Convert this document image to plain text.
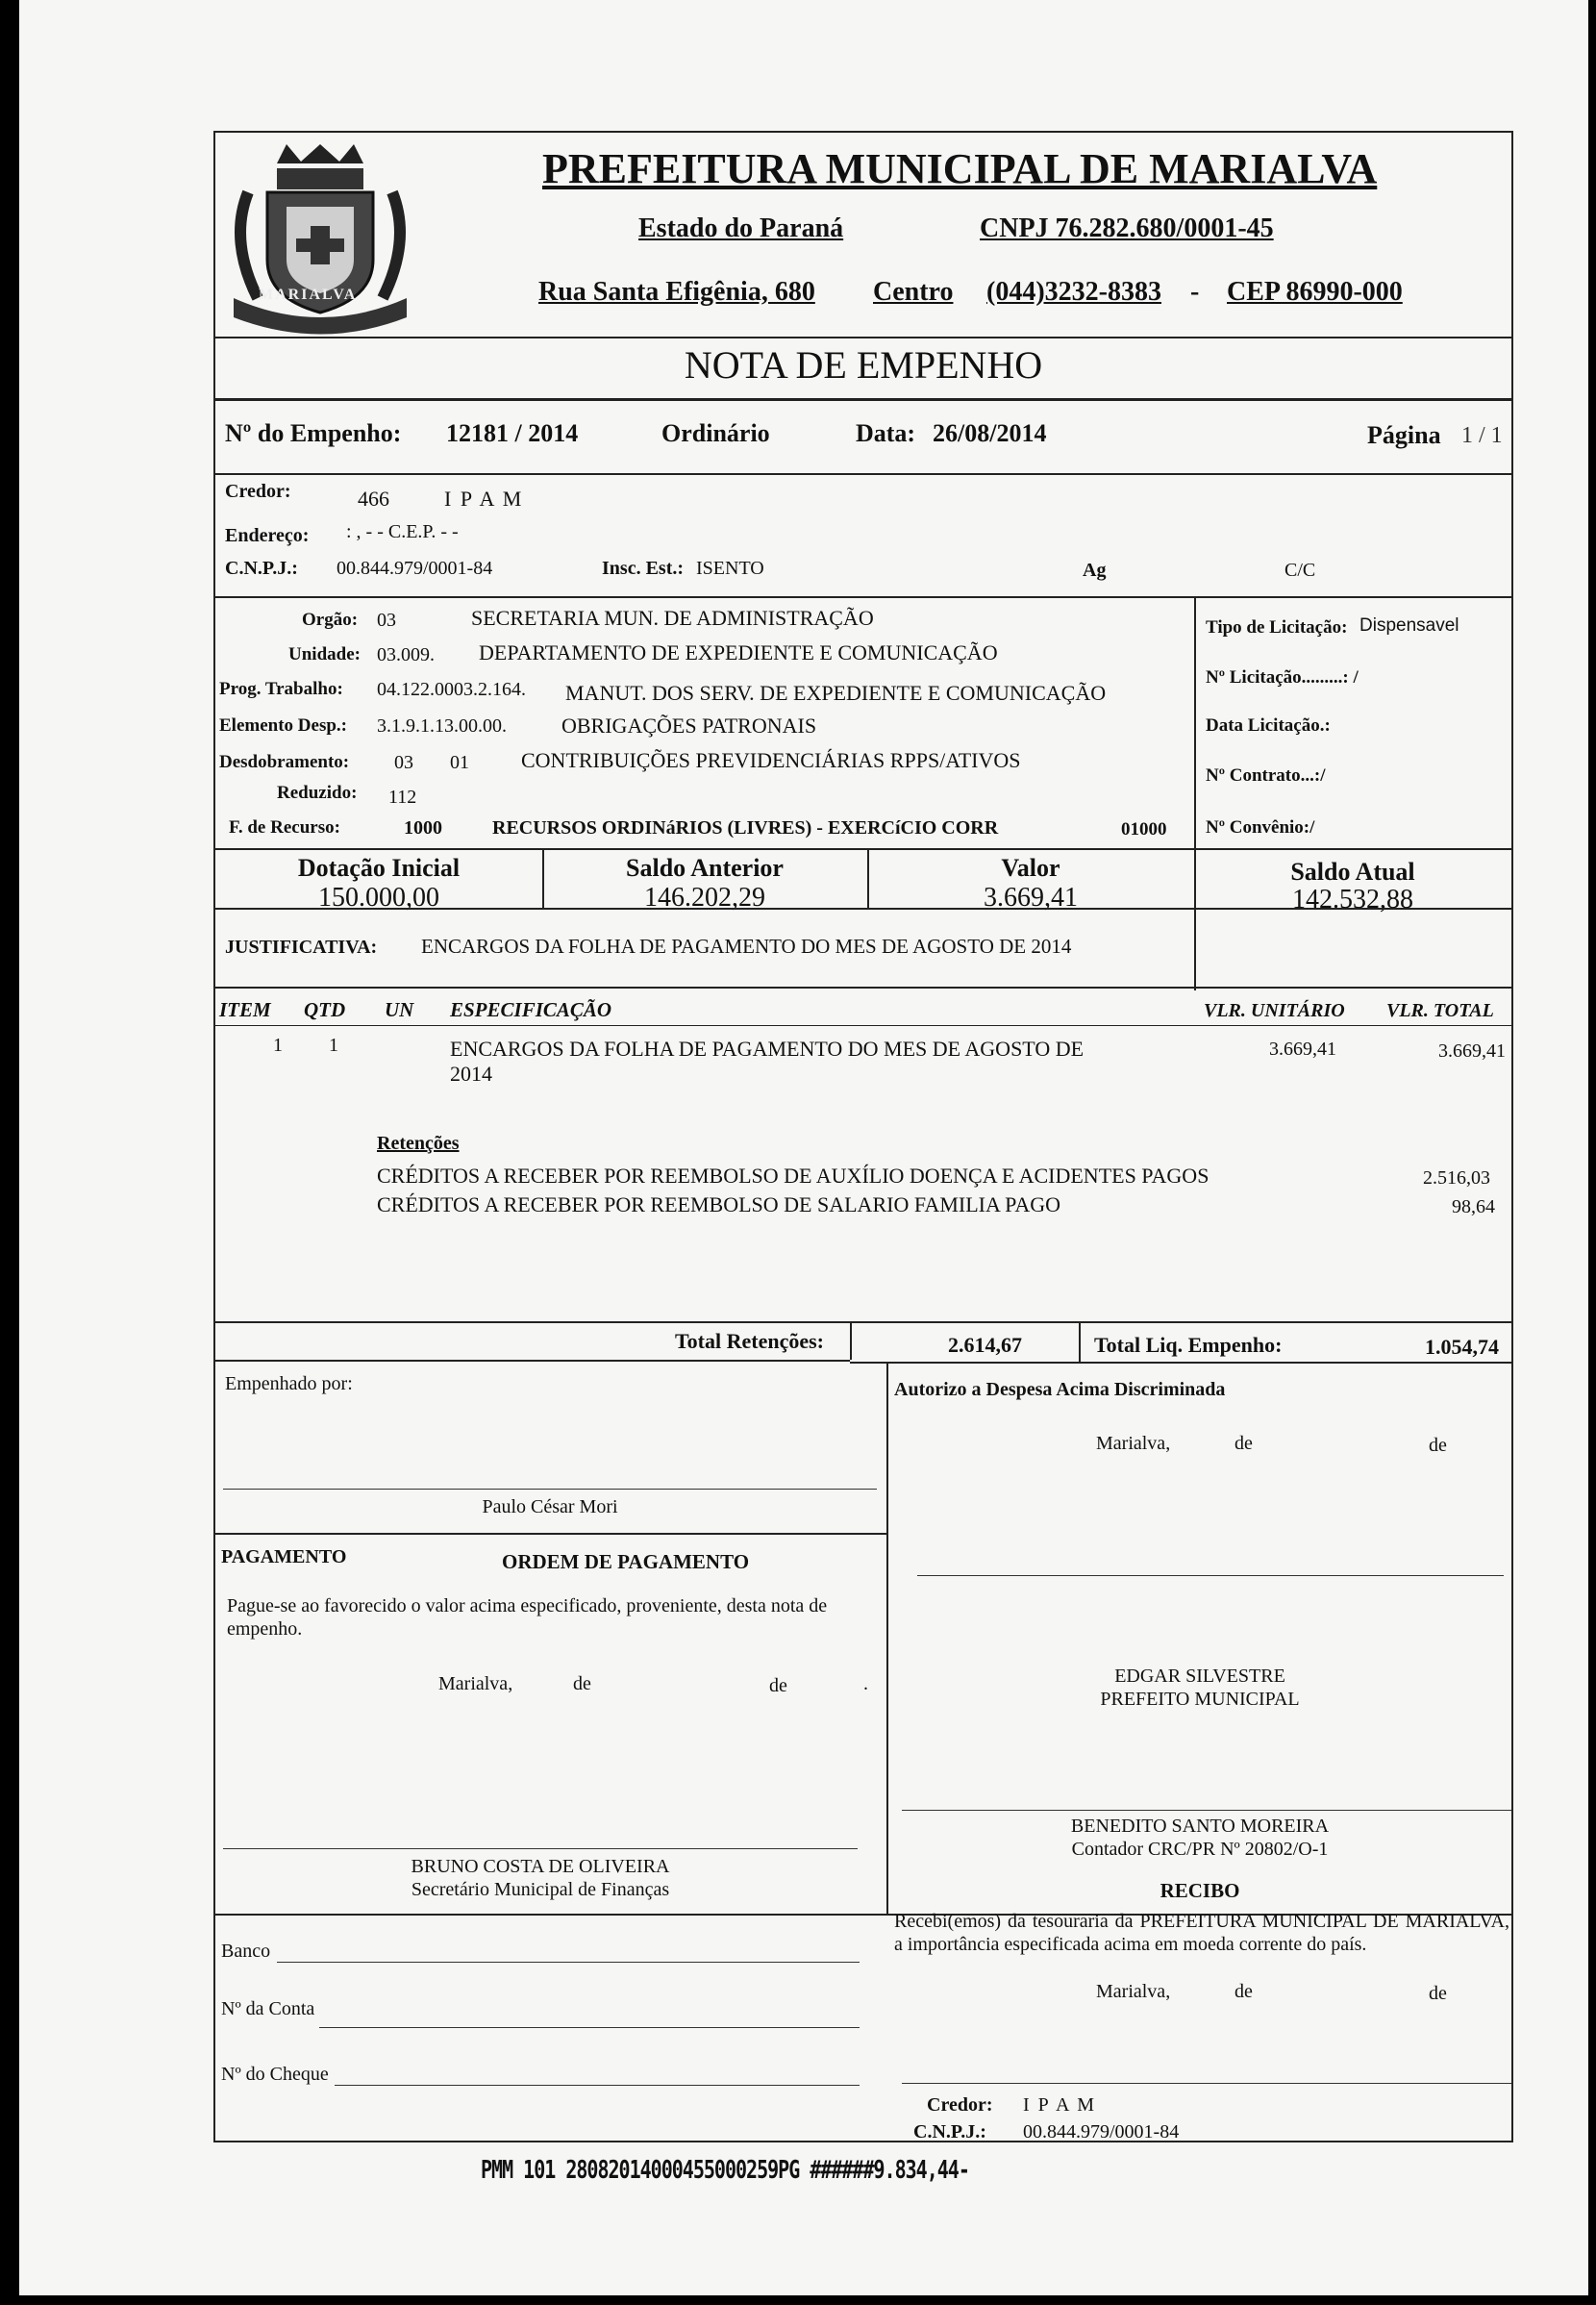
MARIALVA
PREFEITURA MUNICIPAL DE MARIALVA
Estado do Paraná	CNPJ 76.282.680/0001-45
Rua Santa Efigênia, 680 Centro (044)3232-8383 - CEP 86990-000
NOTA DE EMPENHO
Nº do Empenho: 12181 / 2014	Ordinário	Data: 26/08/2014	Página 1 / 1
Credor:	466	I P A M
Endereço: : , - - C.E.P. - -
C.N.P.J.: 00.844.979/0001-84	Insc. Est.: ISENTO	Ag	C/C
Orgão: 03	SECRETARIA MUN. DE ADMINISTRAÇÃO
Unidade: 03.009. DEPARTAMENTO DE EXPEDIENTE E COMUNICAÇÃO
Prog. Trabalho: 04.122.0003.2.164. MANUT. DOS SERV. DE EXPEDIENTE E COMUNICAÇÃO
Elemento Desp.: 3.1.9.1.13.00.00.	OBRIGAÇÕES PATRONAIS
Desdobramento: 03 01 CONTRIBUIÇÕES PREVIDENCIÁRIAS RPPS/ATIVOS
Reduzido: 112
F. de Recurso:	1000	RECURSOS ORDINáRIOS (LIVRES) - EXERCíCIO CORR	01000
Tipo de Licitação: Dispensavel
Nº Licitação.........: /
Data Licitação.:
Nº Contrato...:/
Nº Convênio:/
Dotação Inicial
150.000,00
Saldo Anterior
146.202,29
Valor
3.669,41
Saldo Atual
142.532,88
JUSTIFICATIVA: ENCARGOS DA FOLHA DE PAGAMENTO DO MES DE AGOSTO DE 2014
ITEM QTD UN ESPECIFICAÇÃO	VLR. UNITÁRIO VLR. TOTAL
1 1	ENCARGOS DA FOLHA DE PAGAMENTO DO MES DE AGOSTO DE
2014
3.669,41	3.669,41
Retenções
CRÉDITOS A RECEBER POR REEMBOLSO DE AUXÍLIO DOENÇA E ACIDENTES PAGOS	2.516,03
CRÉDITOS A RECEBER POR REEMBOLSO DE SALARIO FAMILIA PAGO	98,64
Total Retenções:	2.614,67	Total Liq. Empenho:	1.054,74
Empenhado por:
Paulo César Mori
Autorizo a Despesa Acima Discriminada
Marialva,	de	de
EDGAR SILVESTRE
PREFEITO MUNICIPAL
PAGAMENTO	ORDEM DE PAGAMENTO
Pague-se ao favorecido o valor acima especificado, proveniente, desta nota de empenho.
Marialva,	de	de	.
BRUNO COSTA DE OLIVEIRA
Secretário Municipal de Finanças
BENEDITO SANTO MOREIRA
Contador CRC/PR Nº 20802/O-1
RECIBO
Recebi(emos) da tesouraria da PREFEITURA MUNICIPAL DE MARIALVA, a importância especificada acima em moeda corrente do país.
Marialva,	de	de
Credor: I P A M
C.N.P.J.: 00.844.979/0001-84
Banco
Nº da Conta
Nº do Cheque
PMM 101 28082014000455000259PG ######9.834,44-
